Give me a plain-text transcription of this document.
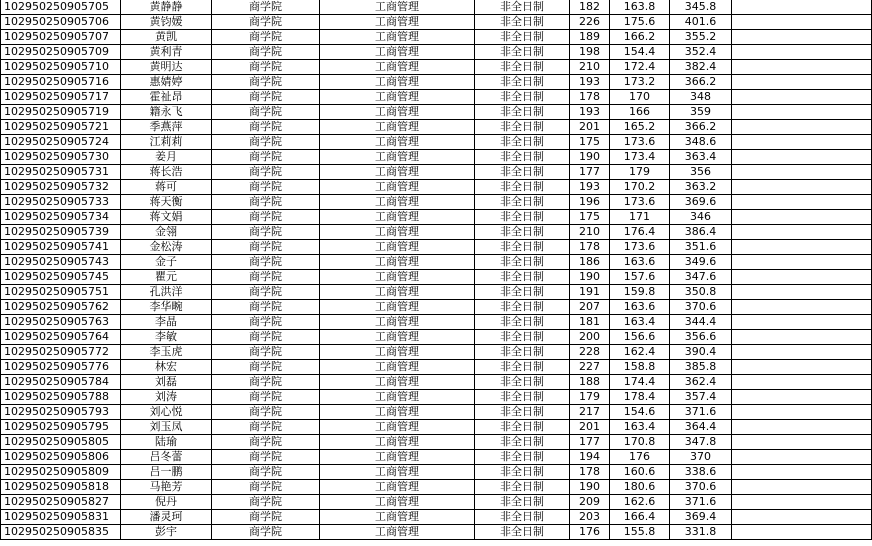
102950250905705	黄静静	商学院	工商管理	非全日制	182	163.8	345.8	
102950250905706	黄钧媛	商学院	工商管理	非全日制	226	175.6	401.6	
102950250905707	黄凯	商学院	工商管理	非全日制	189	166.2	355.2	
102950250905709	黄利青	商学院	工商管理	非全日制	198	154.4	352.4	
102950250905710	黄明达	商学院	工商管理	非全日制	210	172.4	382.4	
102950250905716	惠婧婷	商学院	工商管理	非全日制	193	173.2	366.2	
102950250905717	霍祉昂	商学院	工商管理	非全日制	178	170	348	
102950250905719	籍永飞	商学院	工商管理	非全日制	193	166	359	
102950250905721	季燕萍	商学院	工商管理	非全日制	201	165.2	366.2	
102950250905724	江莉莉	商学院	工商管理	非全日制	175	173.6	348.6	
102950250905730	姜月	商学院	工商管理	非全日制	190	173.4	363.4	
102950250905731	蒋长浩	商学院	工商管理	非全日制	177	179	356	
102950250905732	蒋可	商学院	工商管理	非全日制	193	170.2	363.2	
102950250905733	蒋天衡	商学院	工商管理	非全日制	196	173.6	369.6	
102950250905734	蒋文娟	商学院	工商管理	非全日制	175	171	346	
102950250905739	金翎	商学院	工商管理	非全日制	210	176.4	386.4	
102950250905741	金松涛	商学院	工商管理	非全日制	178	173.6	351.6	
102950250905743	金子	商学院	工商管理	非全日制	186	163.6	349.6	
102950250905745	瞿元	商学院	工商管理	非全日制	190	157.6	347.6	
102950250905751	孔洪洋	商学院	工商管理	非全日制	191	159.8	350.8	
102950250905762	李华畹	商学院	工商管理	非全日制	207	163.6	370.6	
102950250905763	李晶	商学院	工商管理	非全日制	181	163.4	344.4	
102950250905764	李敏	商学院	工商管理	非全日制	200	156.6	356.6	
102950250905772	李玉虎	商学院	工商管理	非全日制	228	162.4	390.4	
102950250905776	林宏	商学院	工商管理	非全日制	227	158.8	385.8	
102950250905784	刘磊	商学院	工商管理	非全日制	188	174.4	362.4	
102950250905788	刘涛	商学院	工商管理	非全日制	179	178.4	357.4	
102950250905793	刘心悦	商学院	工商管理	非全日制	217	154.6	371.6	
102950250905795	刘玉凤	商学院	工商管理	非全日制	201	163.4	364.4	
102950250905805	陆瑜	商学院	工商管理	非全日制	177	170.8	347.8	
102950250905806	吕冬蕾	商学院	工商管理	非全日制	194	176	370	
102950250905809	吕一鹏	商学院	工商管理	非全日制	178	160.6	338.6	
102950250905818	马艳芳	商学院	工商管理	非全日制	190	180.6	370.6	
102950250905827	倪丹	商学院	工商管理	非全日制	209	162.6	371.6	
102950250905831	潘灵珂	商学院	工商管理	非全日制	203	166.4	369.4	
102950250905835	彭宇	商学院	工商管理	非全日制	176	155.8	331.8	
